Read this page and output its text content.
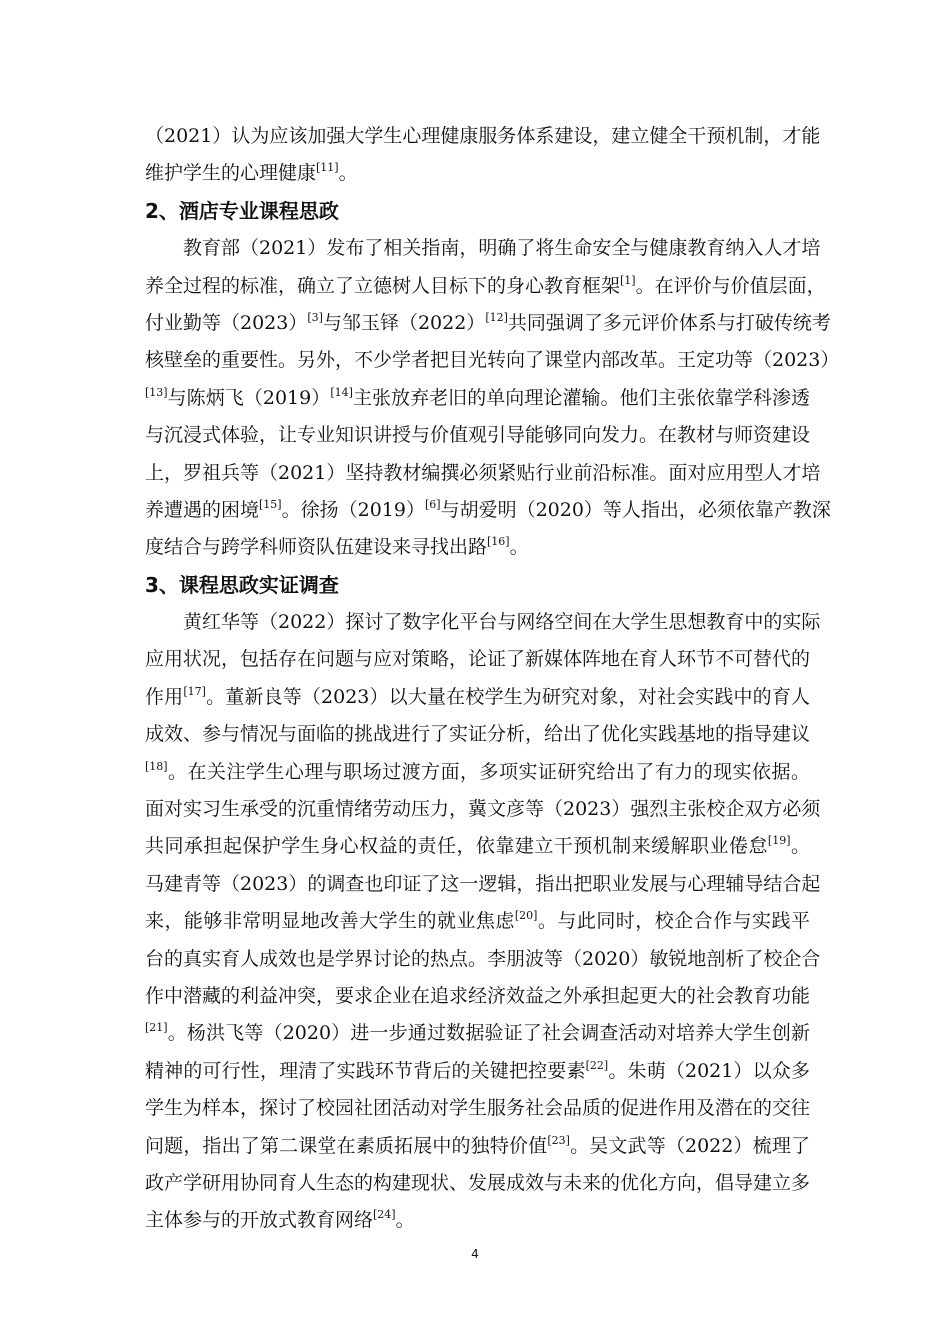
（2021）认为应该加强大学生心理健康服务体系建设，建立健全干预机制，才能
维护学生的心理健康[11]。
2、酒店专业课程思政
教育部（2021）发布了相关指南，明确了将生命安全与健康教育纳入人才培
养全过程的标准，确立了立德树人目标下的身心教育框架[1]。在评价与价值层面，
付业勤等（2023）[3]与邹玉铎（2022）[12]共同强调了多元评价体系与打破传统考
核壁垒的重要性。另外，不少学者把目光转向了课堂内部改革。王定功等（2023）
[13]与陈炳飞（2019）[14]主张放弃老旧的单向理论灌输。他们主张依靠学科渗透
与沉浸式体验，让专业知识讲授与价值观引导能够同向发力。在教材与师资建设
上，罗祖兵等（2021）坚持教材编撰必须紧贴行业前沿标准。面对应用型人才培
养遭遇的困境[15]。徐扬（2019）[6]与胡爱明（2020）等人指出，必须依靠产教深
度结合与跨学科师资队伍建设来寻找出路[16]。
3、课程思政实证调查
黄红华等（2022）探讨了数字化平台与网络空间在大学生思想教育中的实际
应用状况，包括存在问题与应对策略，论证了新媒体阵地在育人环节不可替代的
作用[17]。董新良等（2023）以大量在校学生为研究对象，对社会实践中的育人
成效、参与情况与面临的挑战进行了实证分析，给出了优化实践基地的指导建议
[18]。在关注学生心理与职场过渡方面，多项实证研究给出了有力的现实依据。
面对实习生承受的沉重情绪劳动压力，冀文彦等（2023）强烈主张校企双方必须
共同承担起保护学生身心权益的责任，依靠建立干预机制来缓解职业倦怠[19]。
马建青等（2023）的调查也印证了这一逻辑，指出把职业发展与心理辅导结合起
来，能够非常明显地改善大学生的就业焦虑[20]。与此同时，校企合作与实践平
台的真实育人成效也是学界讨论的热点。李朋波等（2020）敏锐地剖析了校企合
作中潜藏的利益冲突，要求企业在追求经济效益之外承担起更大的社会教育功能
[21]。杨洪飞等（2020）进一步通过数据验证了社会调查活动对培养大学生创新
精神的可行性，理清了实践环节背后的关键把控要素[22]。朱萌（2021）以众多
学生为样本，探讨了校园社团活动对学生服务社会品质的促进作用及潜在的交往
问题，指出了第二课堂在素质拓展中的独特价值[23]。吴文武等（2022）梳理了
政产学研用协同育人生态的构建现状、发展成效与未来的优化方向，倡导建立多
主体参与的开放式教育网络[24]。
4
